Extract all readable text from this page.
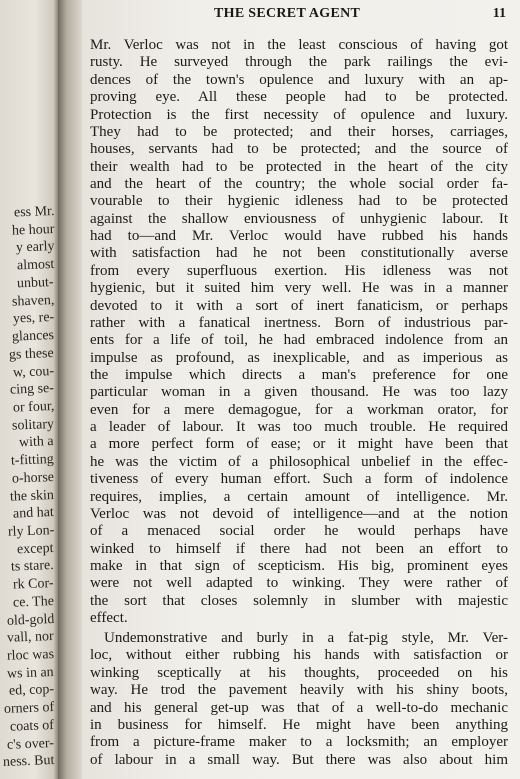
ess Mr.
he hour
y early
almost
unbut-
shaven,
yes, re-
glances
gs these
w, cou-
cing se-
or four,
solitary
with a
t-fitting
o-horse
the skin
and hat
rly Lon-
except
ts stare.
rk Cor-
ce. The
old-gold
vall, nor
rloc was
ws in an
ed, cop-
orners of
coats of
c's over-
ness. But
THE SECRET AGENT	11
Mr. Verloc was not in the least conscious of having got
rusty. He surveyed through the park railings the evi-
dences of the town's opulence and luxury with an ap-
proving eye. All these people had to be protected.
Protection is the first necessity of opulence and luxury.
They had to be protected; and their horses, carriages,
houses, servants had to be protected; and the source of
their wealth had to be protected in the heart of the city
and the heart of the country; the whole social order fa-
vourable to their hygienic idleness had to be protected
against the shallow enviousness of unhygienic labour. It
had to—and Mr. Verloc would have rubbed his hands
with satisfaction had he not been constitutionally averse
from every superfluous exertion. His idleness was not
hygienic, but it suited him very well. He was in a manner
devoted to it with a sort of inert fanaticism, or perhaps
rather with a fanatical inertness. Born of industrious par-
ents for a life of toil, he had embraced indolence from an
impulse as profound, as inexplicable, and as imperious as
the impulse which directs a man's preference for one
particular woman in a given thousand. He was too lazy
even for a mere demagogue, for a workman orator, for
a leader of labour. It was too much trouble. He required
a more perfect form of ease; or it might have been that
he was the victim of a philosophical unbelief in the effec-
tiveness of every human effort. Such a form of indolence
requires, implies, a certain amount of intelligence. Mr.
Verloc was not devoid of intelligence—and at the notion
of a menaced social order he would perhaps have
winked to himself if there had not been an effort to
make in that sign of scepticism. His big, prominent eyes
were not well adapted to winking. They were rather of
the sort that closes solemnly in slumber with majestic
effect.
Undemonstrative and burly in a fat-pig style, Mr. Ver-
loc, without either rubbing his hands with satisfaction or
winking sceptically at his thoughts, proceeded on his
way. He trod the pavement heavily with his shiny boots,
and his general get-up was that of a well-to-do mechanic
in business for himself. He might have been anything
from a picture-frame maker to a locksmith; an employer
of labour in a small way. But there was also about him
